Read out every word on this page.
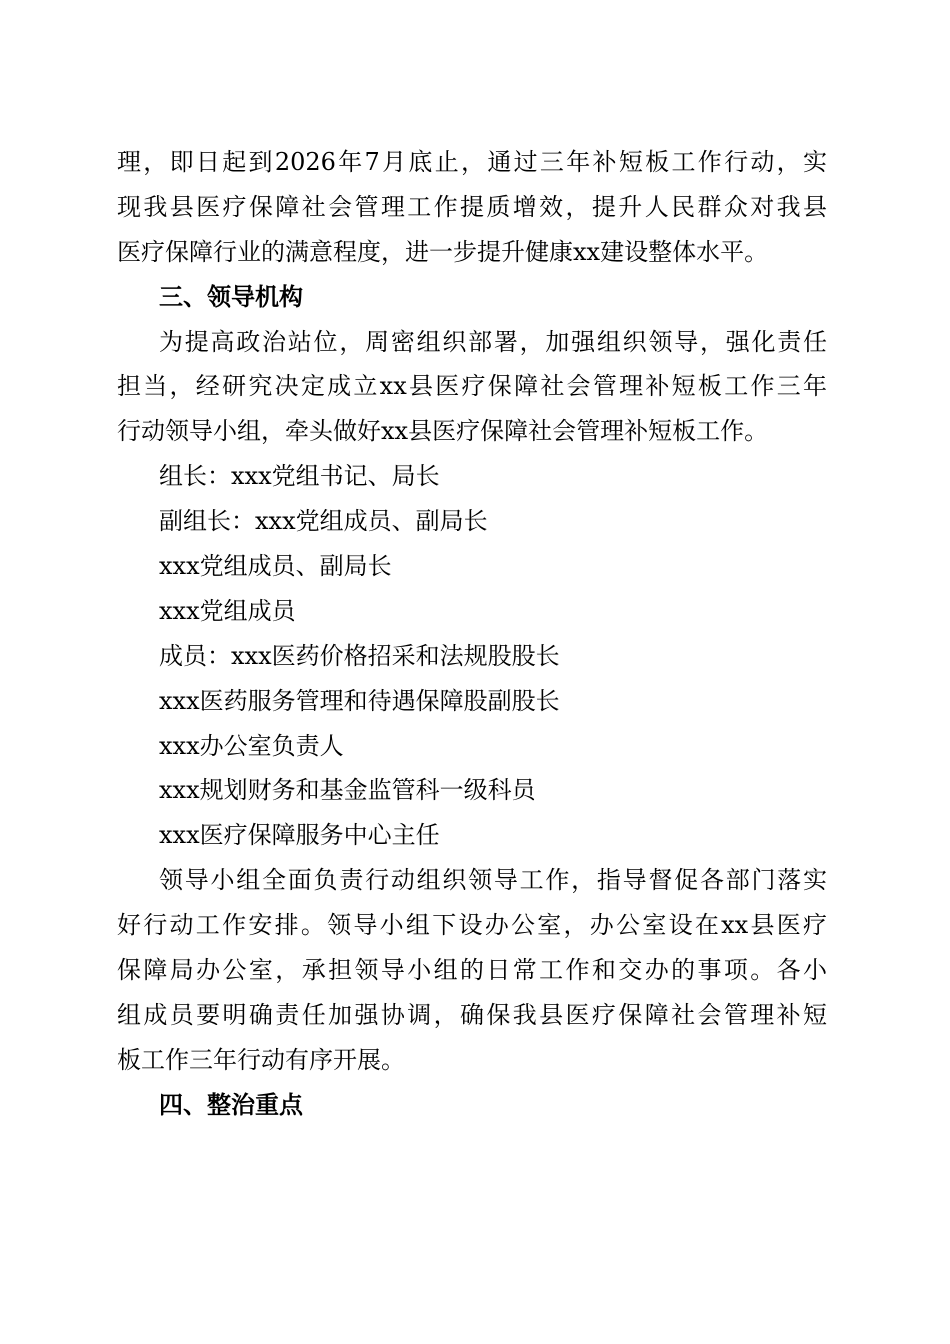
理，即日起到2026年7月底止，通过三年补短板工作行动，实
现我县医疗保障社会管理工作提质增效，提升人民群众对我县
医疗保障行业的满意程度，进一步提升健康xx建设整体水平。
三、领导机构
为提高政治站位，周密组织部署，加强组织领导，强化责任
担当，经研究决定成立xx县医疗保障社会管理补短板工作三年
行动领导小组，牵头做好xx县医疗保障社会管理补短板工作。
组长：xxx党组书记、局长
副组长：xxx党组成员、副局长
xxx党组成员、副局长
xxx党组成员
成员：xxx医药价格招采和法规股股长
xxx医药服务管理和待遇保障股副股长
xxx办公室负责人
xxx规划财务和基金监管科一级科员
xxx医疗保障服务中心主任
领导小组全面负责行动组织领导工作，指导督促各部门落实
好行动工作安排。领导小组下设办公室，办公室设在xx县医疗
保障局办公室，承担领导小组的日常工作和交办的事项。各小
组成员要明确责任加强协调，确保我县医疗保障社会管理补短
板工作三年行动有序开展。
四、整治重点
